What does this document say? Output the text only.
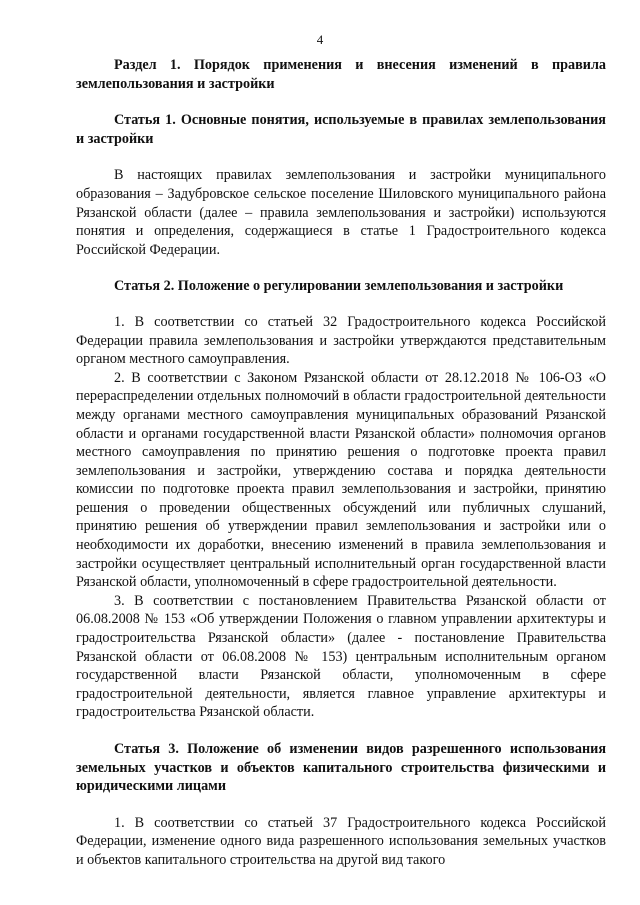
4

Раздел 1. Порядок применения и внесения изменений в правила землепользования и застройки

Статья 1. Основные понятия, используемые в правилах землепользования и застройки

В настоящих правилах землепользования и застройки муниципального образования – Задубровское сельское поселение Шиловского муниципального района Рязанской области (далее – правила землепользования и застройки) используются понятия и определения, содержащиеся в статье 1 Градостроительного кодекса Российской Федерации.

Статья 2. Положение о регулировании землепользования и застройки

1. В соответствии со статьей 32 Градостроительного кодекса Российской Федерации правила землепользования и застройки утверждаются представительным органом местного самоуправления.

2. В соответствии с Законом Рязанской области от 28.12.2018 № 106-ОЗ «О перераспределении отдельных полномочий в области градостроительной деятельности между органами местного самоуправления муниципальных образований Рязанской области и органами государственной власти Рязанской области» полномочия органов местного самоуправления по принятию решения о подготовке проекта правил землепользования и застройки, утверждению состава и порядка деятельности комиссии по подготовке проекта правил землепользования и застройки, принятию решения о проведении общественных обсуждений или публичных слушаний, принятию решения об утверждении правил землепользования и застройки или о необходимости их доработки, внесению изменений в правила землепользования и застройки осуществляет центральный исполнительный орган государственной власти Рязанской области, уполномоченный в сфере градостроительной деятельности.

3. В соответствии с постановлением Правительства Рязанской области от 06.08.2008 № 153 «Об утверждении Положения о главном управлении архитектуры и градостроительства Рязанской области» (далее - постановление Правительства Рязанской области от 06.08.2008 № 153) центральным исполнительным органом государственной власти Рязанской области, уполномоченным в сфере градостроительной деятельности, является главное управление архитектуры и градостроительства Рязанской области.

Статья 3. Положение об изменении видов разрешенного использования земельных участков и объектов капитального строительства физическими и юридическими лицами

1. В соответствии со статьей 37 Градостроительного кодекса Российской Федерации, изменение одного вида разрешенного использования земельных участков и объектов капитального строительства на другой вид такого
